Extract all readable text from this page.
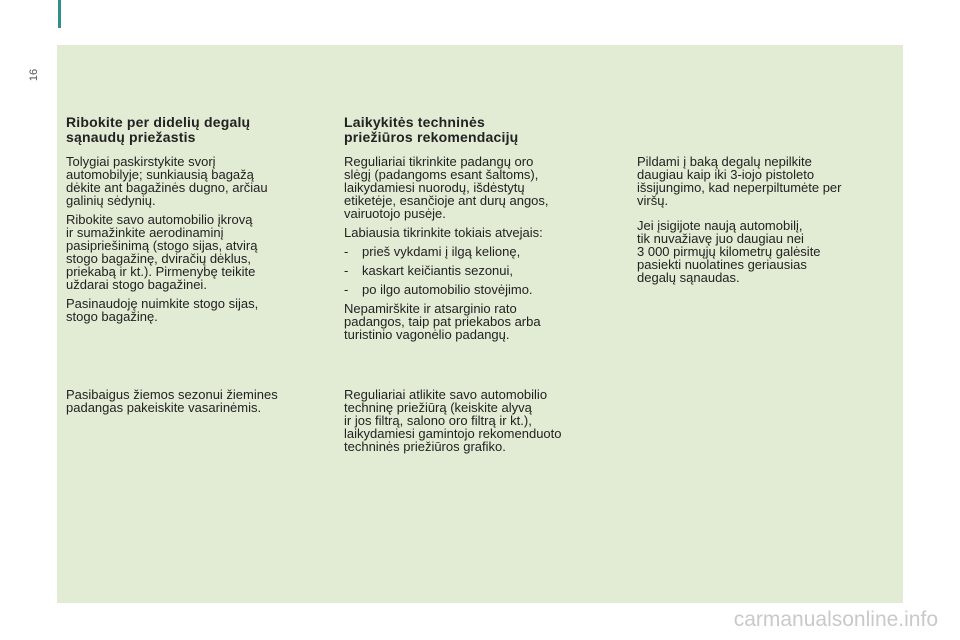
16
Ribokite per didelių degalų
sąnaudų priežastis

Tolygiai paskirstykite svorį
automobilyje; sunkiausią bagažą
dėkite ant bagažinės dugno, arčiau
galinių sėdynių.

Ribokite savo automobilio įkrovą
ir sumažinkite aerodinaminį
pasipriešinimą (stogo sijas, atvirą
stogo bagažinę, dviračių dėklus,
priekabą ir kt.). Pirmenybę teikite
uždarai stogo bagažinei.

Pasinaudoję nuimkite stogo sijas,
stogo bagažinę.

Pasibaigus žiemos sezonui žiemines
padangas pakeiskite vasarinėmis.

Laikykitės techninės
priežiūros rekomendacijų

Reguliariai tikrinkite padangų oro
slėgį (padangoms esant šaltoms),
laikydamiesi nuorodų, išdėstytų
etiketėje, esančioje ant durų angos,
vairuotojo pusėje.

Labiausia tikrinkite tokiais atvejais:

- prieš vykdami į ilgą kelionę,
- kaskart keičiantis sezonui,
- po ilgo automobilio stovėjimo.

Nepamirškite ir atsarginio rato
padangos, taip pat priekabos arba
turistinio vagonėlio padangų.

Reguliariai atlikite savo automobilio
techninę priežiūrą (keiskite alyvą
ir jos filtrą, salono oro filtrą ir kt.),
laikydamiesi gamintojo rekomenduoto
techninės priežiūros grafiko.

Pildami į baką degalų nepilkite
daugiau kaip iki 3-iojo pistoleto
išsijungimo, kad neperpiltumėte per
viršų.

Jei įsigijote naują automobilį,
tik nuvažiavę juo daugiau nei
3 000 pirmųjų kilometrų galėsite
pasiekti nuolatines geriausias
degalų sąnaudas.

carmanualsonline.info
